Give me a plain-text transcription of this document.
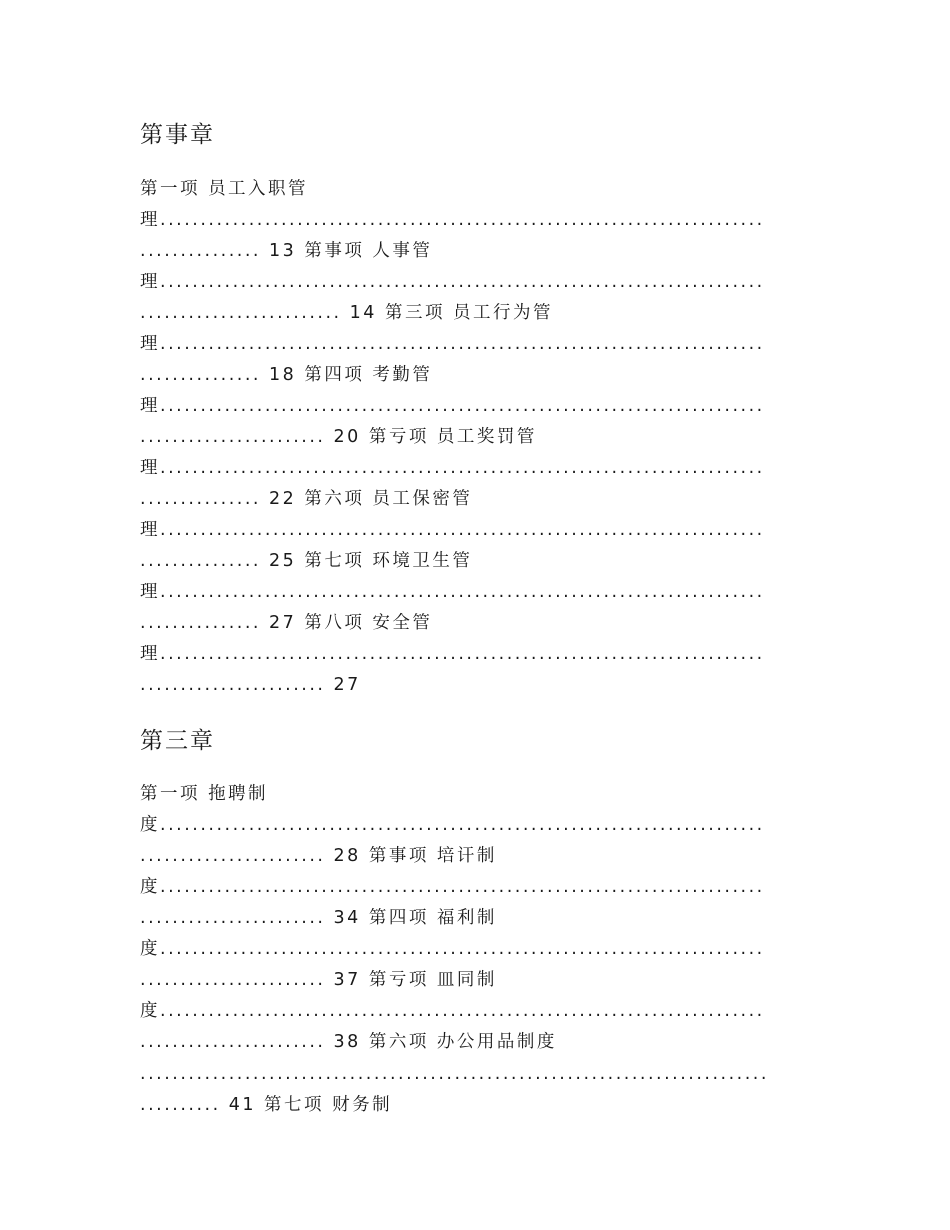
第事章
第一项 员工入职管
理...........................................................................
............... 13 第事项 人事管
理...........................................................................
......................... 14 第三项 员工行为管
理...........................................................................
............... 18 第四项 考勤管
理...........................................................................
....................... 20 第亏项 员工奖罚管
理...........................................................................
............... 22 第六项 员工保密管
理...........................................................................
............... 25 第七项 环境卫生管
理...........................................................................
............... 27 第八项 安全管
理...........................................................................
....................... 27
第三章
第一项 拖聘制
度...........................................................................
....................... 28 第事项 培讦制
度...........................................................................
....................... 34 第四项 福利制
度...........................................................................
....................... 37 第亏项 皿同制
度...........................................................................
....................... 38 第六项 办公用品制度
..............................................................................
.......... 41 第七项 财务制
